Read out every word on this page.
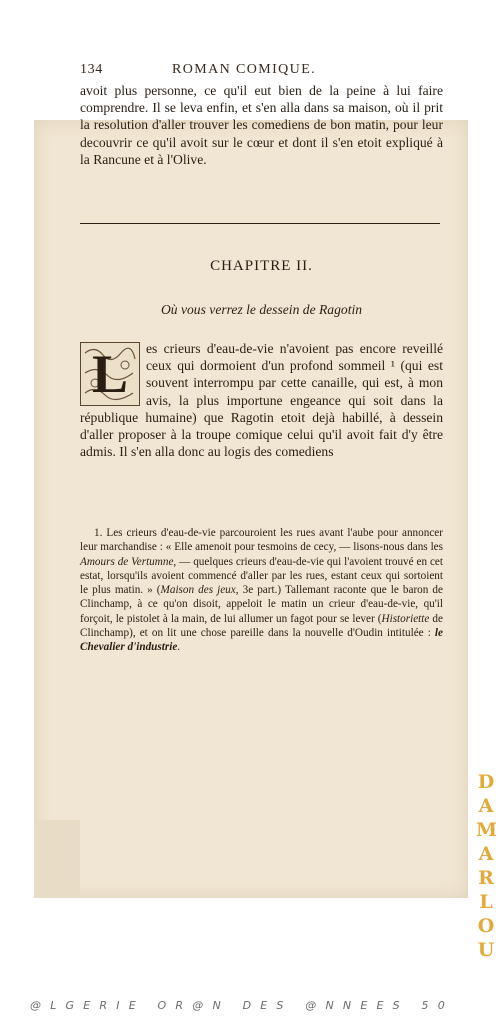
134	ROMAN COMIQUE.

avoit plus personne, ce qu'il eut bien de la peine à lui faire comprendre. Il se leva enfin, et s'en alla dans sa maison, où il prit la resolution d'aller trouver les comediens de bon matin, pour leur decouvrir ce qu'il avoit sur le cœur et dont il s'en etoit expliqué à la Rancune et à l'Olive.

CHAPITRE II.
Où vous verrez le dessein de Ragotin
L	es crieurs d'eau-de-vie n'avoient pas encore reveillé ceux qui dormoient d'un profond sommeil ¹ (qui est souvent interrompu par cette canaille, qui est, à mon avis, la plus importune engeance qui soit dans la république humaine) que Ragotin etoit dejà habillé, à dessein d'aller proposer à la troupe comique celui qu'il avoit fait d'y être admis. Il s'en alla donc au logis des comediens

1. Les crieurs d'eau-de-vie parcouroient les rues avant l'aube pour annoncer leur marchandise : « Elle amenoit pour tesmoins de cecy, — lisons-nous dans les Amours de Vertumne, — quelques crieurs d'eau-de-vie qui l'avoient trouvé en cet estat, lorsqu'ils avoient commencé d'aller par les rues, estant ceux qui sortoient le plus matin. » (Maison des jeux, 3e part.) Tallemant raconte que le baron de Clinchamp, à ce qu'on disoit, appeloit le matin un crieur d'eau-de-vie, qu'il forçoit, le pistolet à la main, de lui allumer un fagot pour se lever (Historiette de Clinchamp), et on lit une chose pareille dans la nouvelle d'Oudin intitulée : le Chevalier d'industrie.

D
A
M
A
R
L
O
U
@LGERIE OR@N DES @NNEES 50
